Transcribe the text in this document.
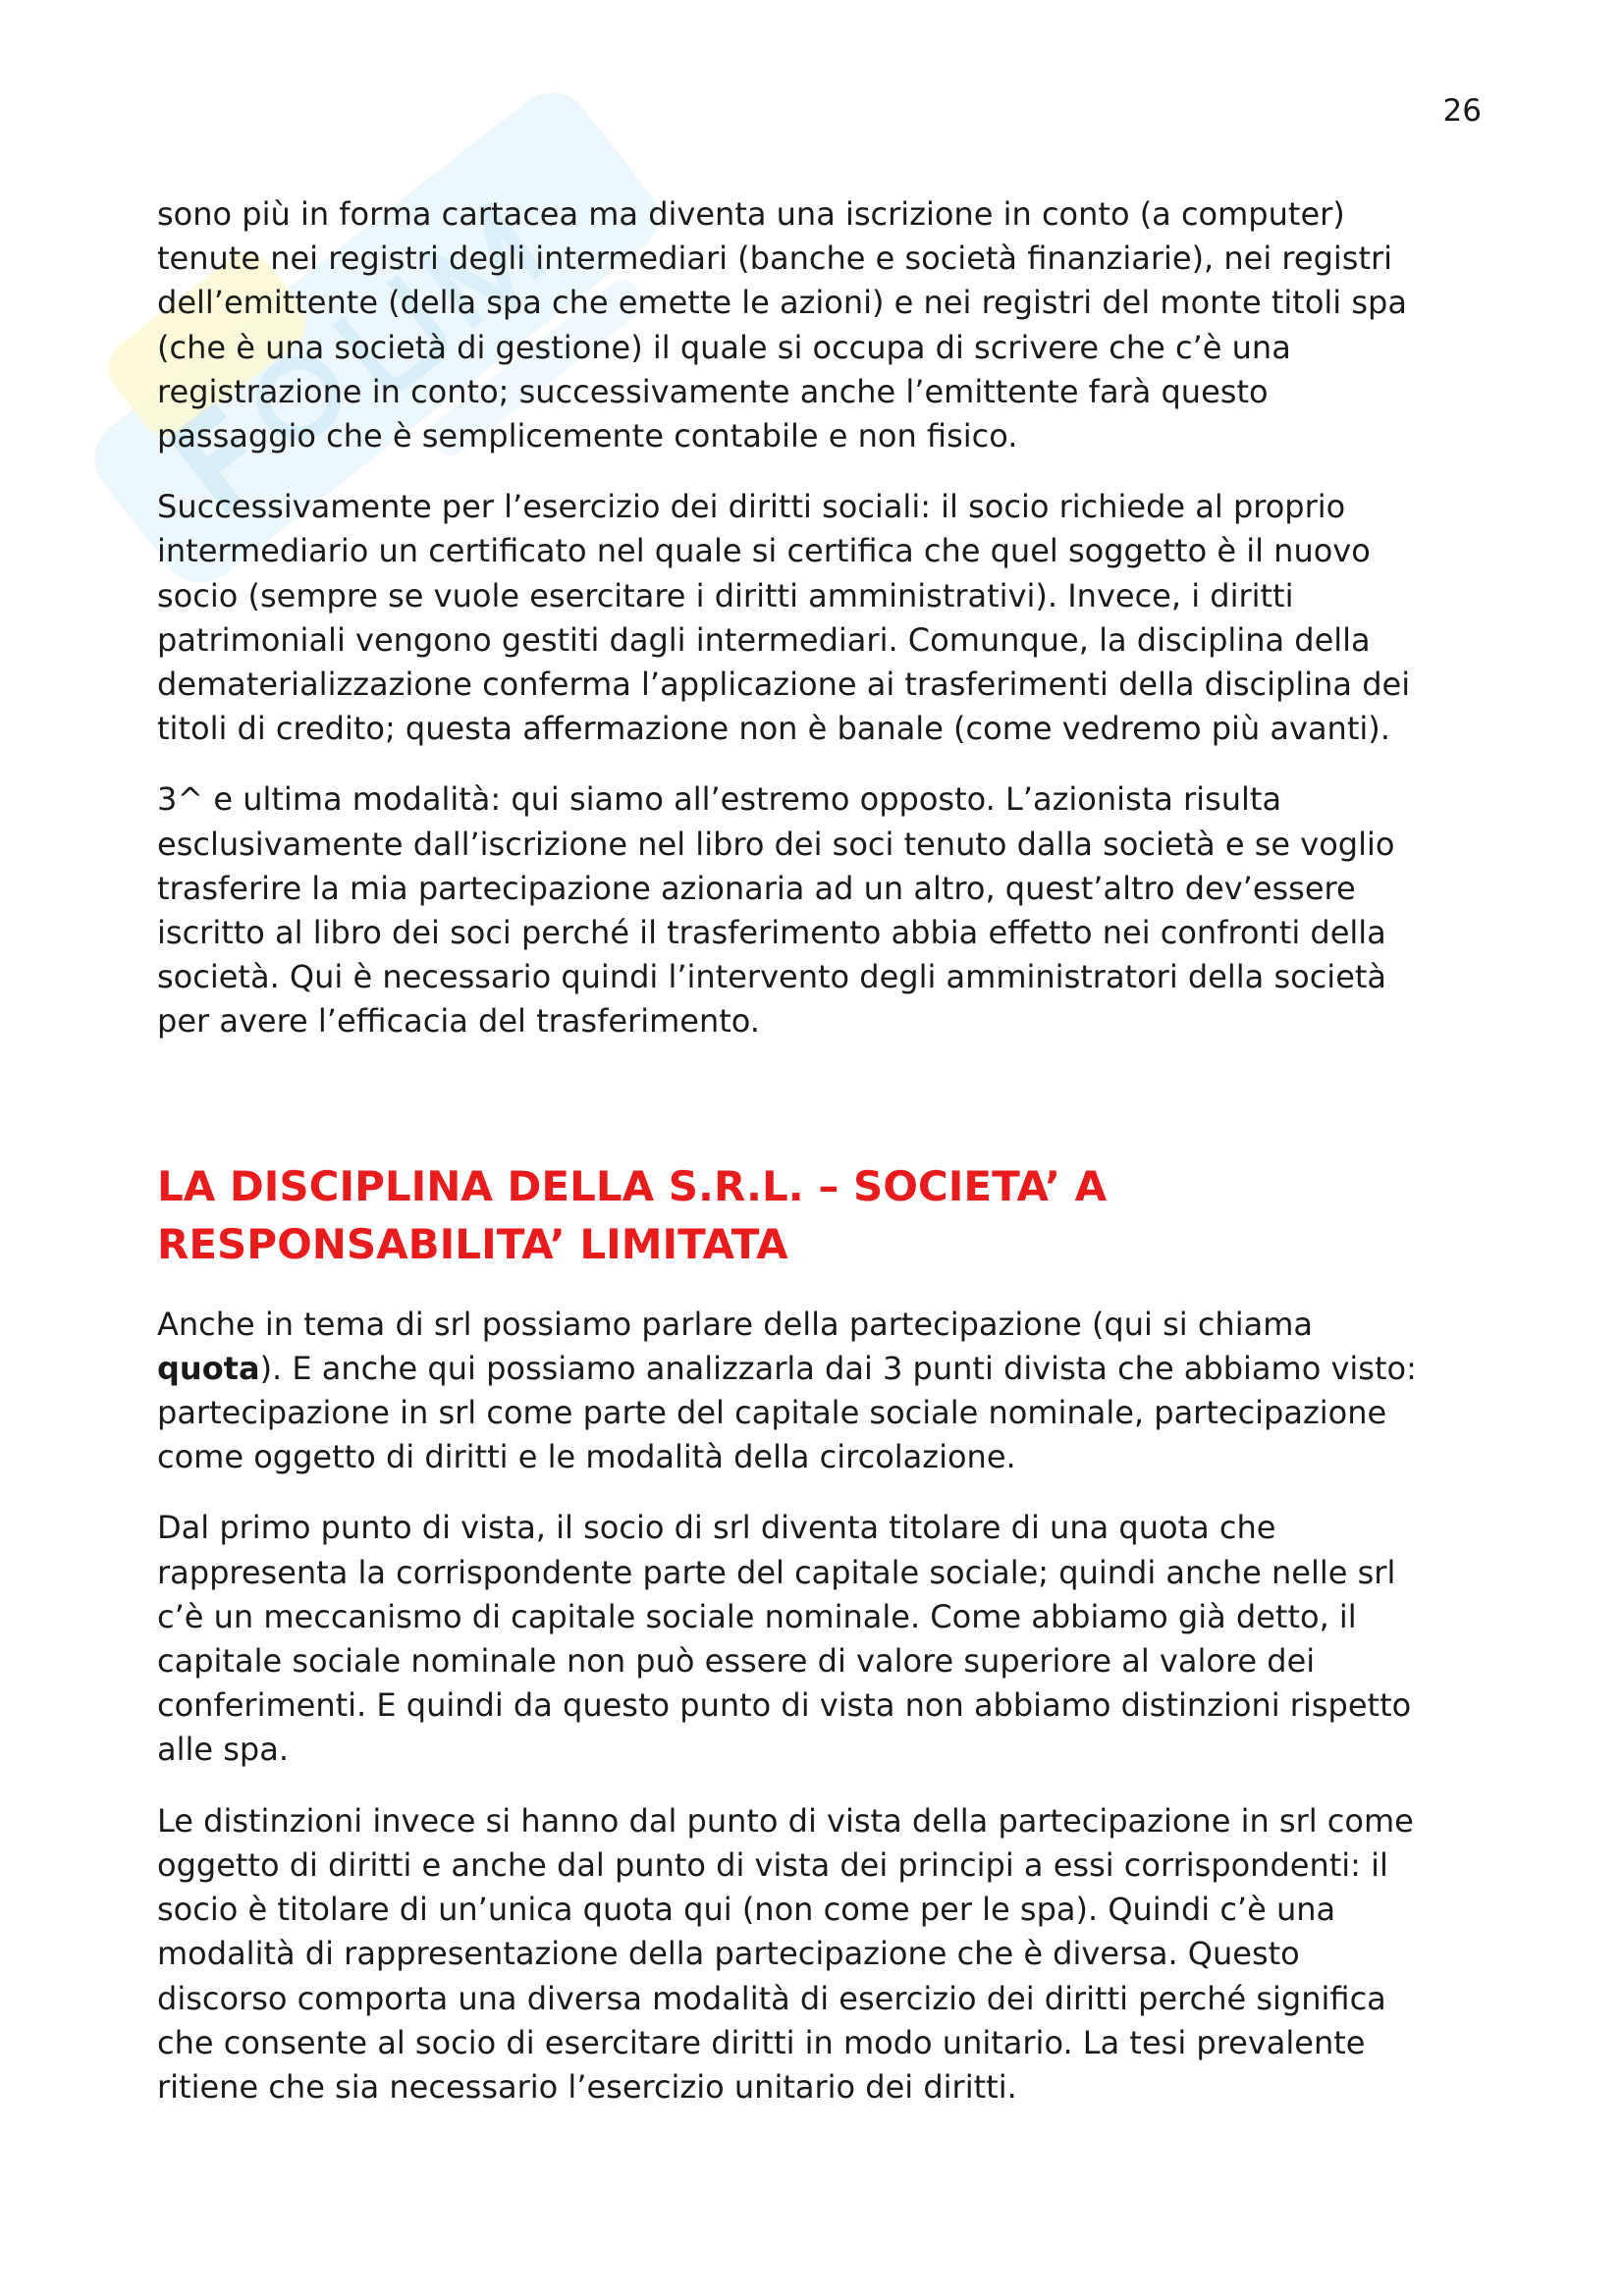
26

sono più in forma cartacea ma diventa una iscrizione in conto (a computer)
tenute nei registri degli intermediari (banche e società finanziarie), nei registri
dell’emittente (della spa che emette le azioni) e nei registri del monte titoli spa
(che è una società di gestione) il quale si occupa di scrivere che c’è una
registrazione in conto; successivamente anche l’emittente farà questo
passaggio che è semplicemente contabile e non fisico.

Successivamente per l’esercizio dei diritti sociali: il socio richiede al proprio
intermediario un certificato nel quale si certifica che quel soggetto è il nuovo
socio (sempre se vuole esercitare i diritti amministrativi). Invece, i diritti
patrimoniali vengono gestiti dagli intermediari. Comunque, la disciplina della
dematerializzazione conferma l’applicazione ai trasferimenti della disciplina dei
titoli di credito; questa affermazione non è banale (come vedremo più avanti).

3^ e ultima modalità: qui siamo all’estremo opposto. L’azionista risulta
esclusivamente dall’iscrizione nel libro dei soci tenuto dalla società e se voglio
trasferire la mia partecipazione azionaria ad un altro, quest’altro dev’essere
iscritto al libro dei soci perché il trasferimento abbia effetto nei confronti della
società. Qui è necessario quindi l’intervento degli amministratori della società
per avere l’efficacia del trasferimento.

LA DISCIPLINA DELLA S.R.L. – SOCIETA’ A
RESPONSABILITA’ LIMITATA

Anche in tema di srl possiamo parlare della partecipazione (qui si chiama
quota). E anche qui possiamo analizzarla dai 3 punti divista che abbiamo visto:
partecipazione in srl come parte del capitale sociale nominale, partecipazione
come oggetto di diritti e le modalità della circolazione.

Dal primo punto di vista, il socio di srl diventa titolare di una quota che
rappresenta la corrispondente parte del capitale sociale; quindi anche nelle srl
c’è un meccanismo di capitale sociale nominale. Come abbiamo già detto, il
capitale sociale nominale non può essere di valore superiore al valore dei
conferimenti. E quindi da questo punto di vista non abbiamo distinzioni rispetto
alle spa.

Le distinzioni invece si hanno dal punto di vista della partecipazione in srl come
oggetto di diritti e anche dal punto di vista dei principi a essi corrispondenti: il
socio è titolare di un’unica quota qui (non come per le spa). Quindi c’è una
modalità di rappresentazione della partecipazione che è diversa. Questo
discorso comporta una diversa modalità di esercizio dei diritti perché significa
che consente al socio di esercitare diritti in modo unitario. La tesi prevalente
ritiene che sia necessario l’esercizio unitario dei diritti.
